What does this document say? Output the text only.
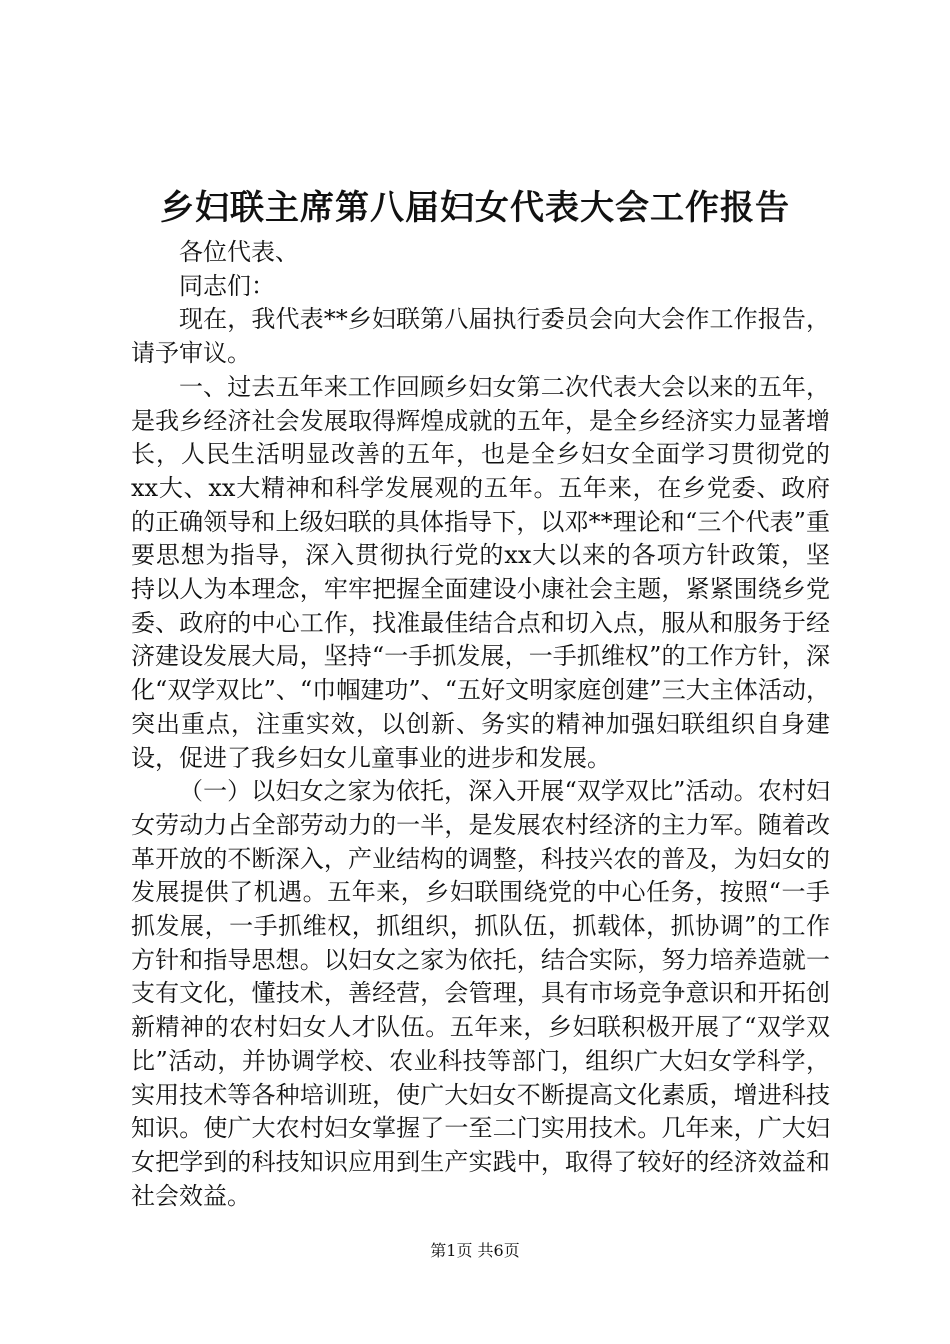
乡妇联主席第八届妇女代表大会工作报告

各位代表、

同志们：

现在，我代表**乡妇联第八届执行委员会向大会作工作报告，请予审议。

一、过去五年来工作回顾乡妇女第二次代表大会以来的五年，是我乡经济社会发展取得辉煌成就的五年，是全乡经济实力显著增长，人民生活明显改善的五年，也是全乡妇女全面学习贯彻党的xx大、xx大精神和科学发展观的五年。五年来，在乡党委、政府的正确领导和上级妇联的具体指导下，以邓**理论和“三个代表”重要思想为指导，深入贯彻执行党的xx大以来的各项方针政策，坚持以人为本理念，牢牢把握全面建设小康社会主题，紧紧围绕乡党委、政府的中心工作，找准最佳结合点和切入点，服从和服务于经济建设发展大局，坚持“一手抓发展，一手抓维权”的工作方针，深化“双学双比”、“巾帼建功”、“五好文明家庭创建”三大主体活动，突出重点，注重实效，以创新、务实的精神加强妇联组织自身建设，促进了我乡妇女儿童事业的进步和发展。

（一）以妇女之家为依托，深入开展“双学双比”活动。农村妇女劳动力占全部劳动力的一半，是发展农村经济的主力军。随着改革开放的不断深入，产业结构的调整，科技兴农的普及，为妇女的发展提供了机遇。五年来，乡妇联围绕党的中心任务，按照“一手抓发展，一手抓维权，抓组织，抓队伍，抓载体，抓协调”的工作方针和指导思想。以妇女之家为依托，结合实际，努力培养造就一支有文化，懂技术，善经营，会管理，具有市场竞争意识和开拓创新精神的农村妇女人才队伍。五年来，乡妇联积极开展了“双学双比”活动，并协调学校、农业科技等部门，组织广大妇女学科学，实用技术等各种培训班，使广大妇女不断提高文化素质，增进科技知识。使广大农村妇女掌握了一至二门实用技术。几年来，广大妇女把学到的科技知识应用到生产实践中，取得了较好的经济效益和社会效益。

第1页 共6页
